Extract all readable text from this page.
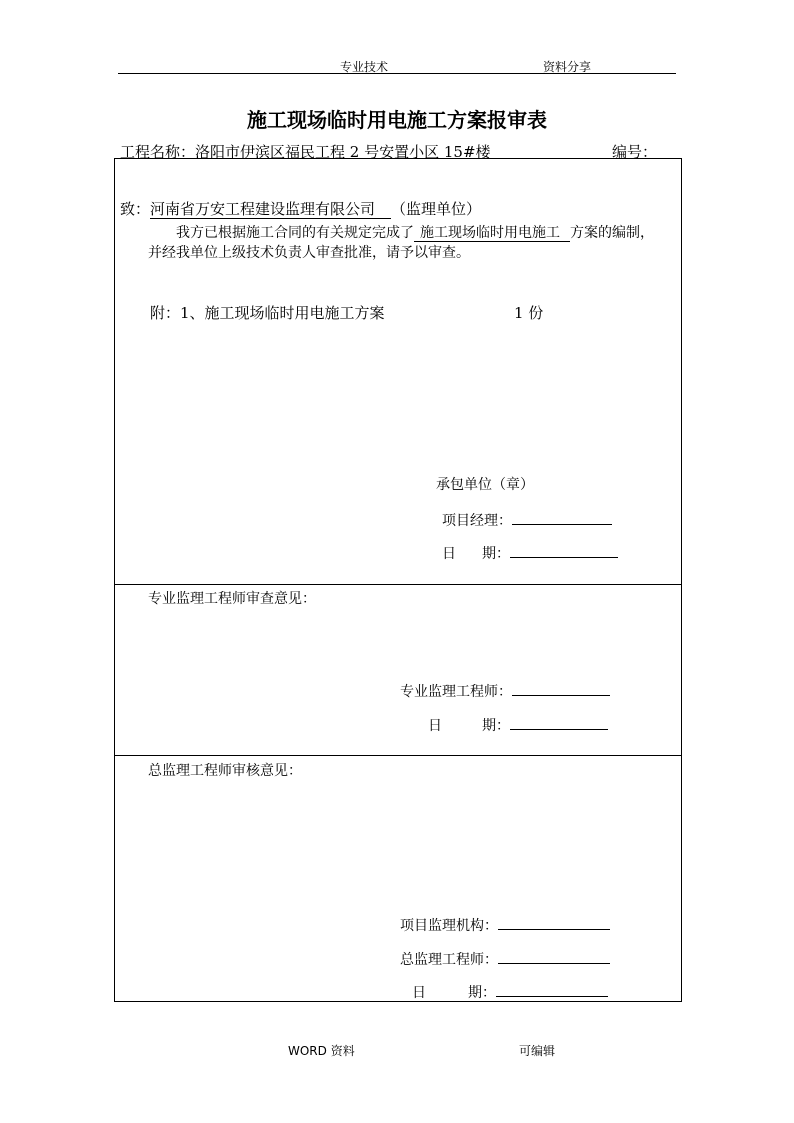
专业技术	资料分享
施工现场临时用电施工方案报审表
工程名称：洛阳市伊滨区福民工程 2 号安置小区 15#楼	编号：
致：河南省万安工程建设监理有限公司 （监理单位）
我方已根据施工合同的有关规定完成了 施工现场临时用电施工 方案的编制，
并经我单位上级技术负责人审查批准，请予以审查。
附：1、施工现场临时用电施工方案	1 份
承包单位（章）
项目经理：
日 期：
专业监理工程师审查意见：
专业监理工程师：
日	期：
总监理工程师审核意见：
项目监理机构：
总监理工程师：
日	期：
WORD 资料	可编辑
